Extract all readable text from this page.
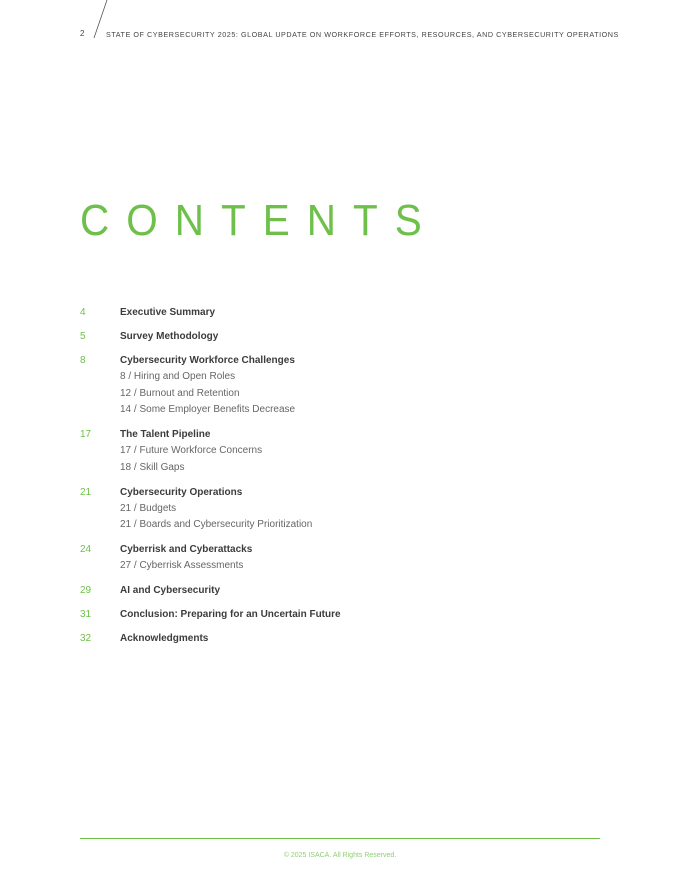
2	STATE OF CYBERSECURITY 2025: GLOBAL UPDATE ON WORKFORCE EFFORTS, RESOURCES, AND CYBERSECURITY OPERATIONS
CONTENTS
4	Executive Summary
5	Survey Methodology
8	Cybersecurity Workforce Challenges
8 / Hiring and Open Roles
12 / Burnout and Retention
14 / Some Employer Benefits Decrease
17	The Talent Pipeline
17 / Future Workforce Concerns
18 / Skill Gaps
21	Cybersecurity Operations
21 / Budgets
21 / Boards and Cybersecurity Prioritization
24	Cyberrisk and Cyberattacks
27 / Cyberrisk Assessments
29	AI and Cybersecurity
31	Conclusion: Preparing for an Uncertain Future
32	Acknowledgments
© 2025 ISACA. All Rights Reserved.
